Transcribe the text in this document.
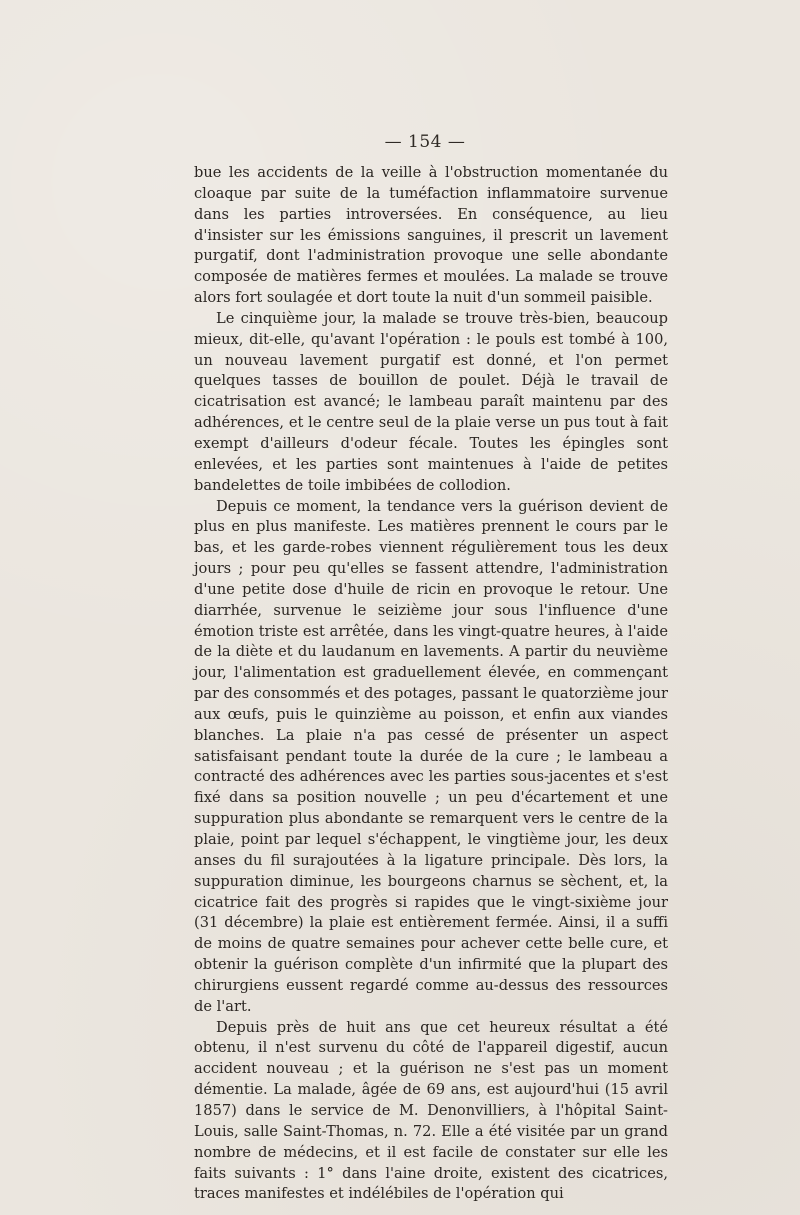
— 154 —

bue les accidents de la veille à l'obstruction momentanée du cloaque par suite de la tuméfaction inflammatoire survenue dans les parties introversées. En conséquence, au lieu d'insister sur les émissions sanguines, il prescrit un lavement purgatif, dont l'administration provoque une selle abondante composée de matières fermes et moulées. La malade se trouve alors fort soulagée et dort toute la nuit d'un sommeil paisible.

Le cinquième jour, la malade se trouve très-bien, beaucoup mieux, dit-elle, qu'avant l'opération : le pouls est tombé à 100, un nouveau lavement purgatif est donné, et l'on permet quelques tasses de bouillon de poulet. Déjà le travail de cicatrisation est avancé; le lambeau paraît maintenu par des adhérences, et le centre seul de la plaie verse un pus tout à fait exempt d'ailleurs d'odeur fécale. Toutes les épingles sont enlevées, et les parties sont maintenues à l'aide de petites bandelettes de toile imbibées de collodion.

Depuis ce moment, la tendance vers la guérison devient de plus en plus manifeste. Les matières prennent le cours par le bas, et les garde-robes viennent régulièrement tous les deux jours ; pour peu qu'elles se fassent attendre, l'administration d'une petite dose d'huile de ricin en provoque le retour. Une diarrhée, survenue le seizième jour sous l'influence d'une émotion triste est arrêtée, dans les vingt-quatre heures, à l'aide de la diète et du laudanum en lavements. A partir du neuvième jour, l'alimentation est graduellement élevée, en commençant par des consommés et des potages, passant le quatorzième jour aux œufs, puis le quinzième au poisson, et enfin aux viandes blanches. La plaie n'a pas cessé de présenter un aspect satisfaisant pendant toute la durée de la cure ; le lambeau a contracté des adhérences avec les parties sous-jacentes et s'est fixé dans sa position nouvelle ; un peu d'écartement et une suppuration plus abondante se remarquent vers le centre de la plaie, point par lequel s'échappent, le vingtième jour, les deux anses du fil surajoutées à la ligature principale. Dès lors, la suppuration diminue, les bourgeons charnus se sèchent, et, la cicatrice fait des progrès si rapides que le vingt-sixième jour (31 décembre) la plaie est entièrement fermée. Ainsi, il a suffi de moins de quatre semaines pour achever cette belle cure, et obtenir la guérison complète d'un infirmité que la plupart des chirurgiens eussent regardé comme au-dessus des ressources de l'art.

Depuis près de huit ans que cet heureux résultat a été obtenu, il n'est survenu du côté de l'appareil digestif, aucun accident nouveau ; et la guérison ne s'est pas un moment démentie. La malade, âgée de 69 ans, est aujourd'hui (15 avril 1857) dans le service de M. Denonvilliers, à l'hôpital Saint-Louis, salle Saint-Thomas, n. 72. Elle a été visitée par un grand nombre de médecins, et il est facile de constater sur elle les faits suivants : 1° dans l'aine droite, existent des cicatrices, traces manifestes et indélébiles de l'opération qui
